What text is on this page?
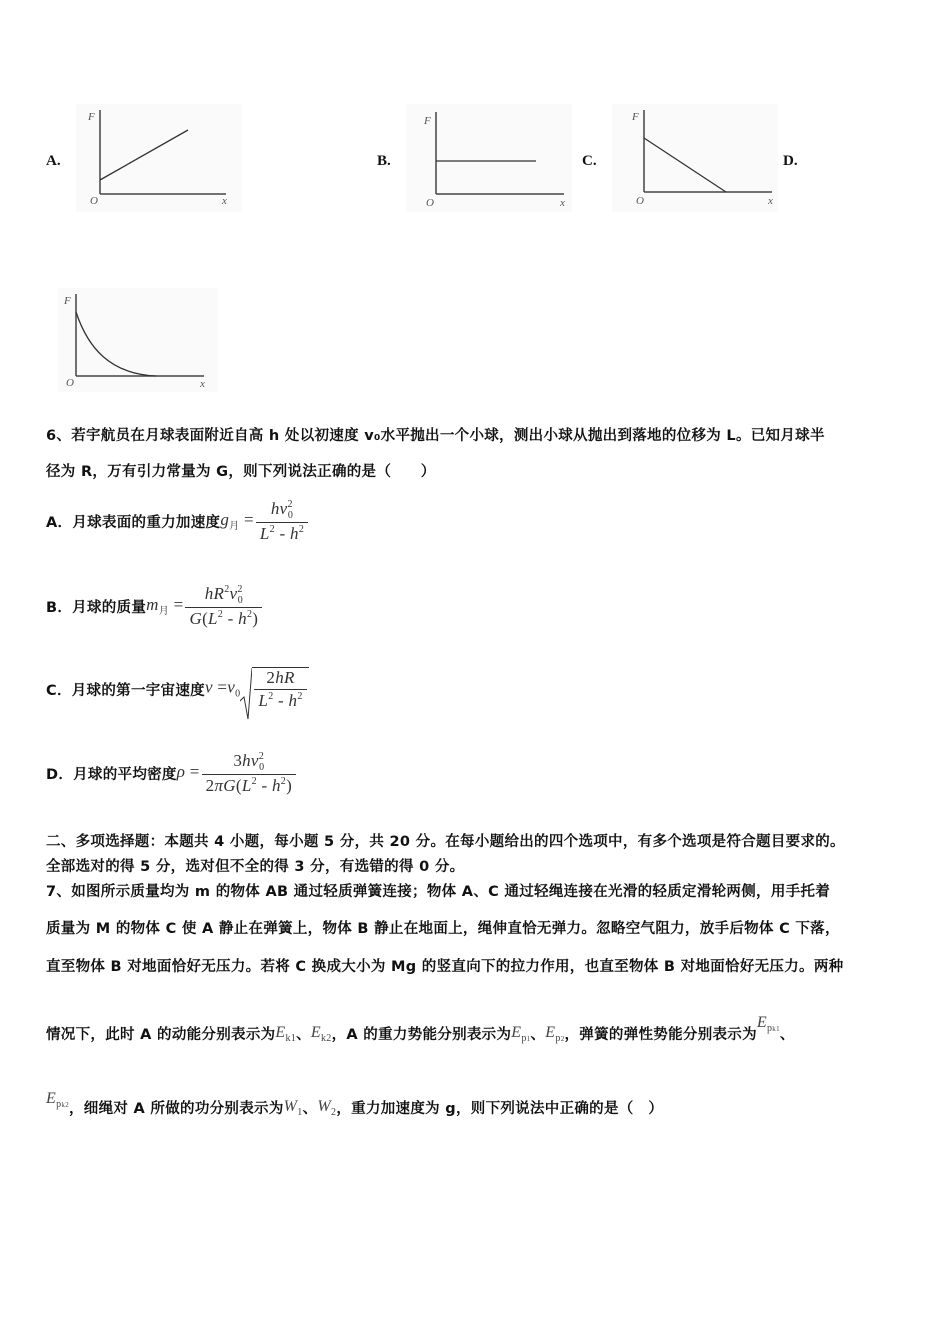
A.
F
O	x
B.
F
O	x
C.
F
O	x
D.
F
O	x
6、若宇航员在月球表面附近自高 h 处以初速度 v₀水平抛出一个小球，测出小球从抛出到落地的位移为 L。已知月球半
径为 R，万有引力常量为 G，则下列说法正确的是（　　）
A．月球表面的重力加速度 $g_月 = \frac{hv^2_0}{L^2 - h^2}$
B．月球的质量 $m_月 = \frac{hR^2v^2_0}{G(L^2 - h^2)}$
C．月球的第一宇宙速度 $v =v_0 \frac{2hR}{L^2 - h^2}$
D．月球的平均密度 $\rho = \frac{3hv^2_0}{2\pi G(L^2 - h^2)}$
二、多项选择题：本题共 4 小题，每小题 5 分，共 20 分。在每小题给出的四个选项中，有多个选项是符合题目要求的。
全部选对的得 5 分，选对但不全的得 3 分，有选错的得 0 分。
7、如图所示质量均为 m 的物体 AB 通过轻质弹簧连接；物体 A、C 通过轻绳连接在光滑的轻质定滑轮两侧，用手托着
质量为 M 的物体 C 使 A 静止在弹簧上，物体 B 静止在地面上，绳伸直恰无弹力。忽略空气阻力，放手后物体 C 下落，
直至物体 B 对地面恰好无压力。若将 C 换成大小为 Mg 的竖直向下的拉力作用，也直至物体 B 对地面恰好无压力。两种
情况下，此时 A 的动能分别表示为 $E_{k1}$ 、 $E_{k2}$ ，A 的重力势能分别表示为 $E_{p1}$ 、 $E_{p2}$ ，弹簧的弹性势能分别表示为
$E_{pk1}$ 、
$E_{pk2}$ ，细绳对 A 所做的功分别表示为 $W_1$ 、 $W_2$ ，重力加速度为 g，则下列说法中正确的是（　）
